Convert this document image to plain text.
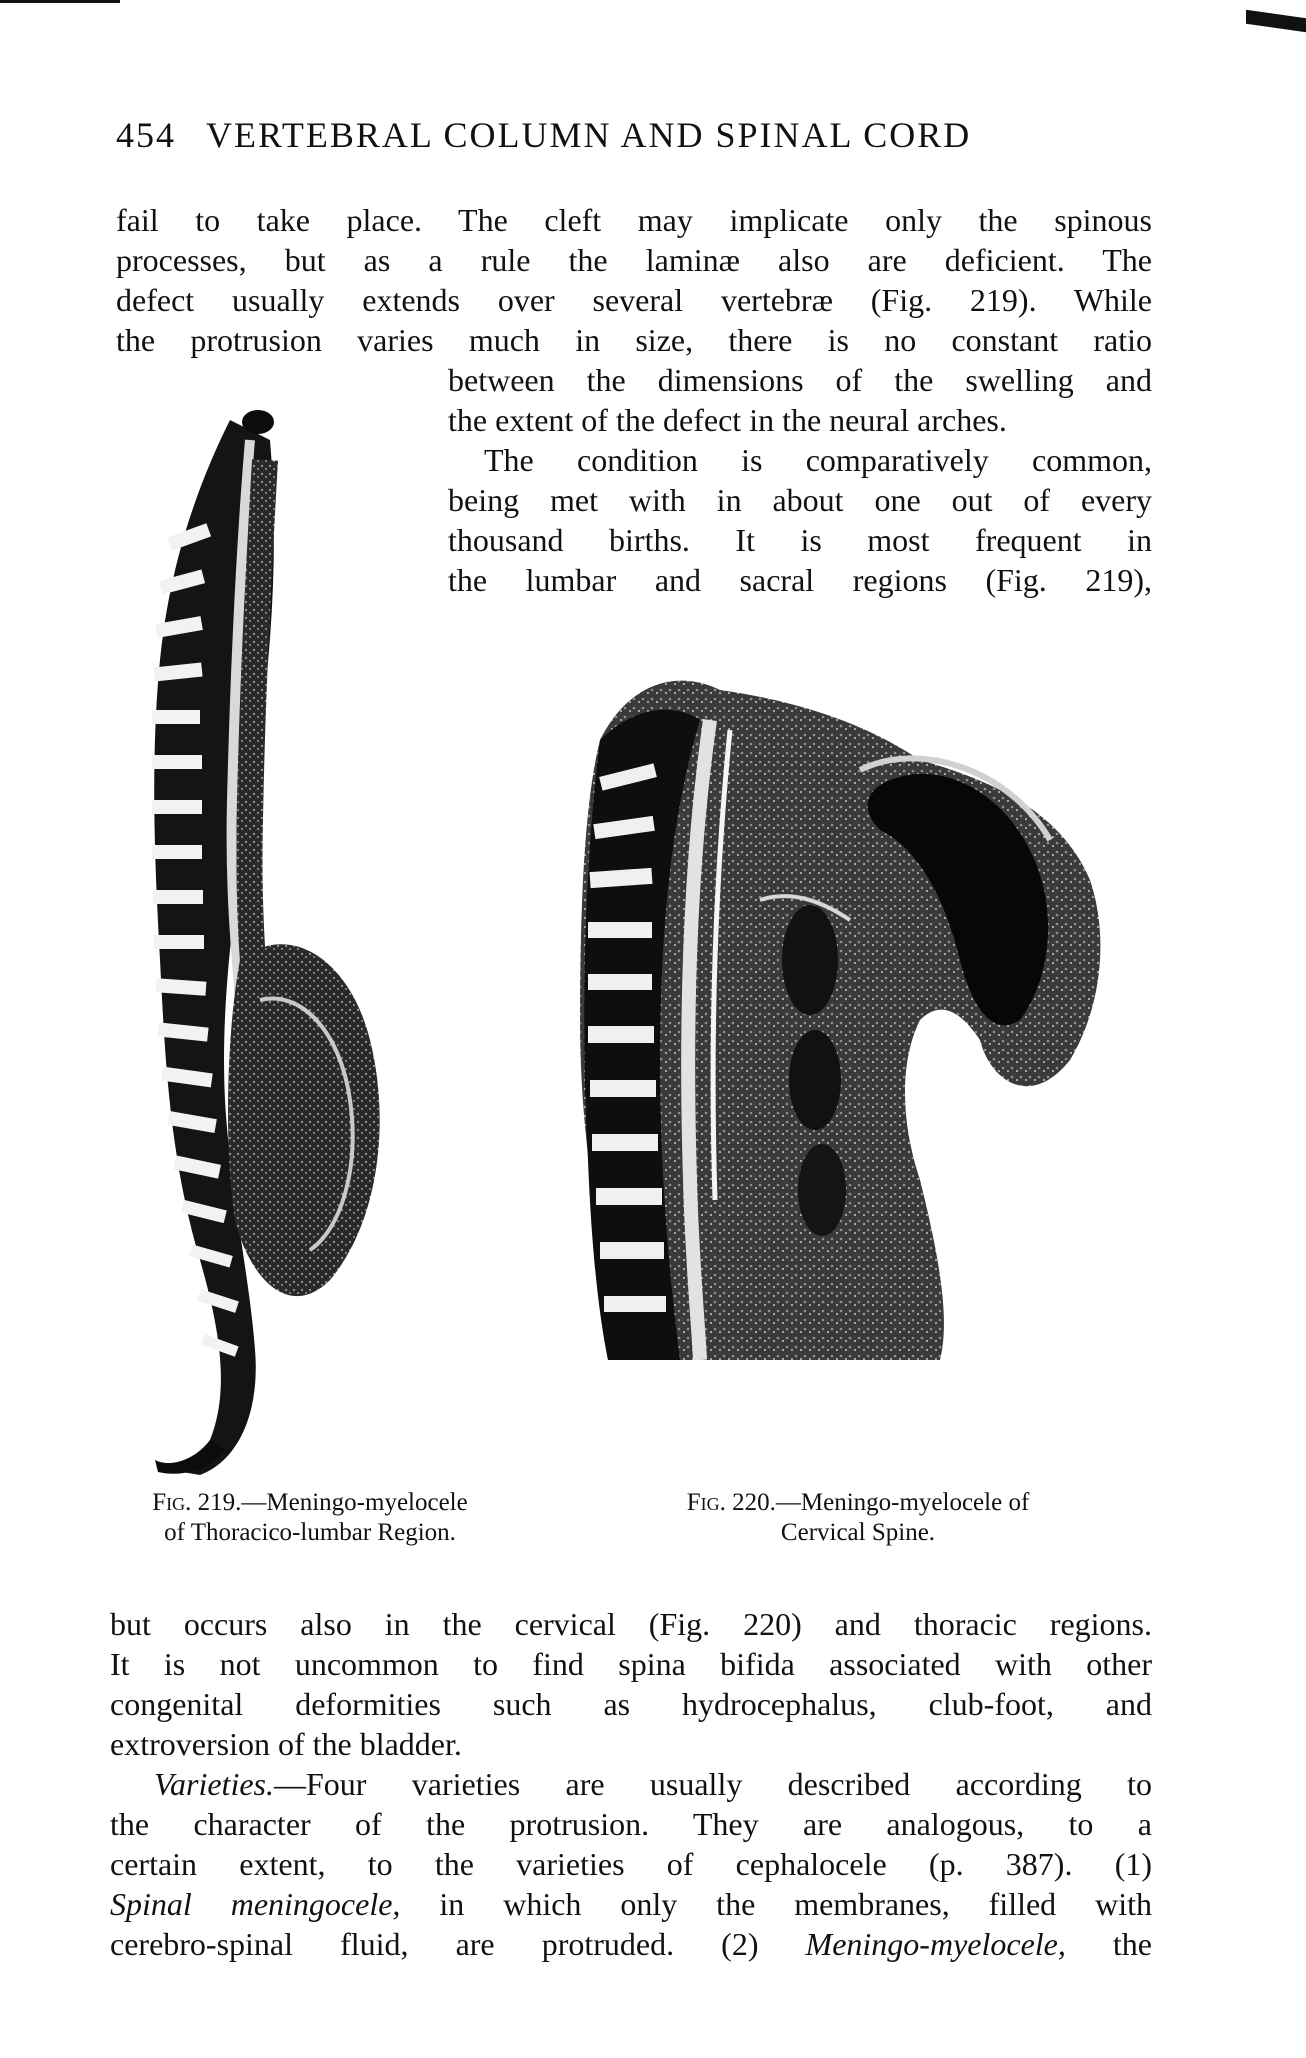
454 VERTEBRAL COLUMN AND SPINAL CORD
fail to take place. The cleft may implicate only the spinous
processes, but as a rule the laminæ also are deficient. The
defect usually extends over several vertebræ (Fig. 219). While
the protrusion varies much in size, there is no constant ratio
between the dimensions of the swelling and
the extent of the defect in the neural arches.
The condition is comparatively common,
being met with in about one out of every
thousand births. It is most frequent in
the lumbar and sacral regions (Fig. 219),
Fig. 219.—Meningo-myelocele
of Thoracico-lumbar Region.
Fig. 220.—Meningo-myelocele of
Cervical Spine.
but occurs also in the cervical (Fig. 220) and thoracic regions.
It is not uncommon to find spina bifida associated with other
congenital deformities such as hydrocephalus, club-foot, and
extroversion of the bladder.
Varieties.—Four varieties are usually described according to
the character of the protrusion. They are analogous, to a
certain extent, to the varieties of cephalocele (p. 387). (1)
Spinal meningocele, in which only the membranes, filled with
cerebro-spinal fluid, are protruded. (2) Meningo-myelocele, the
